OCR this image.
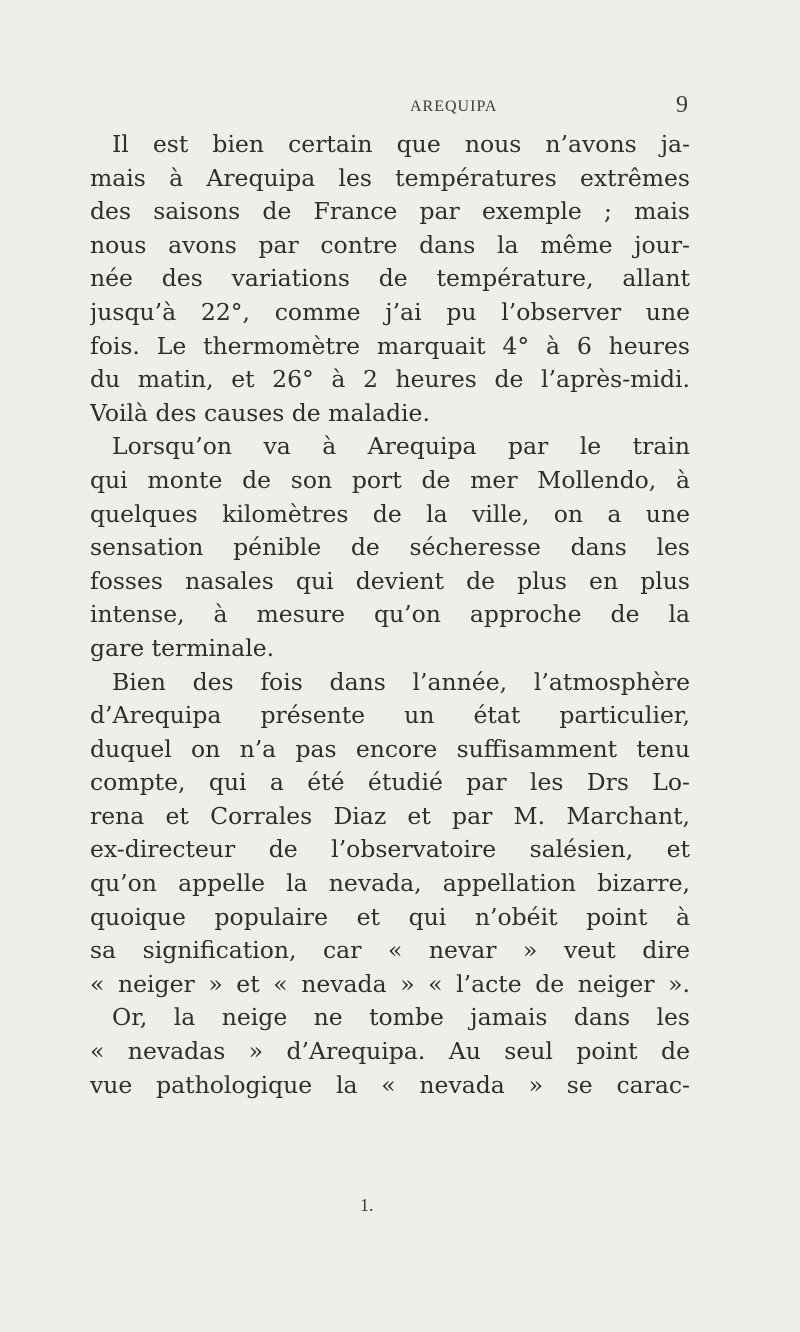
AREQUIPA	9
Il est bien certain que nous n’avons ja-
mais à Arequipa les températures extrêmes
des saisons de France par exemple ; mais
nous avons par contre dans la même jour-
née des variations de température, allant
jusqu’à 22°, comme j’ai pu l’observer une
fois. Le thermomètre marquait 4° à 6 heures
du matin, et 26° à 2 heures de l’après-midi.
Voilà des causes de maladie.
Lorsqu’on va à Arequipa par le train
qui monte de son port de mer Mollendo, à
quelques kilomètres de la ville, on a une
sensation pénible de sécheresse dans les
fosses nasales qui devient de plus en plus
intense, à mesure qu’on approche de la
gare terminale.
Bien des fois dans l’année, l’atmosphère
d’Arequipa présente un état particulier,
duquel on n’a pas encore suffisamment tenu
compte, qui a été étudié par les Drs Lo-
rena et Corrales Diaz et par M. Marchant,
ex-directeur de l’observatoire salésien, et
qu’on appelle la nevada, appellation bizarre,
quoique populaire et qui n’obéit point à
sa signification, car « nevar » veut dire
« neiger » et « nevada » « l’acte de neiger ».
Or, la neige ne tombe jamais dans les
« nevadas » d’Arequipa. Au seul point de
vue pathologique la « nevada » se carac-
1.
